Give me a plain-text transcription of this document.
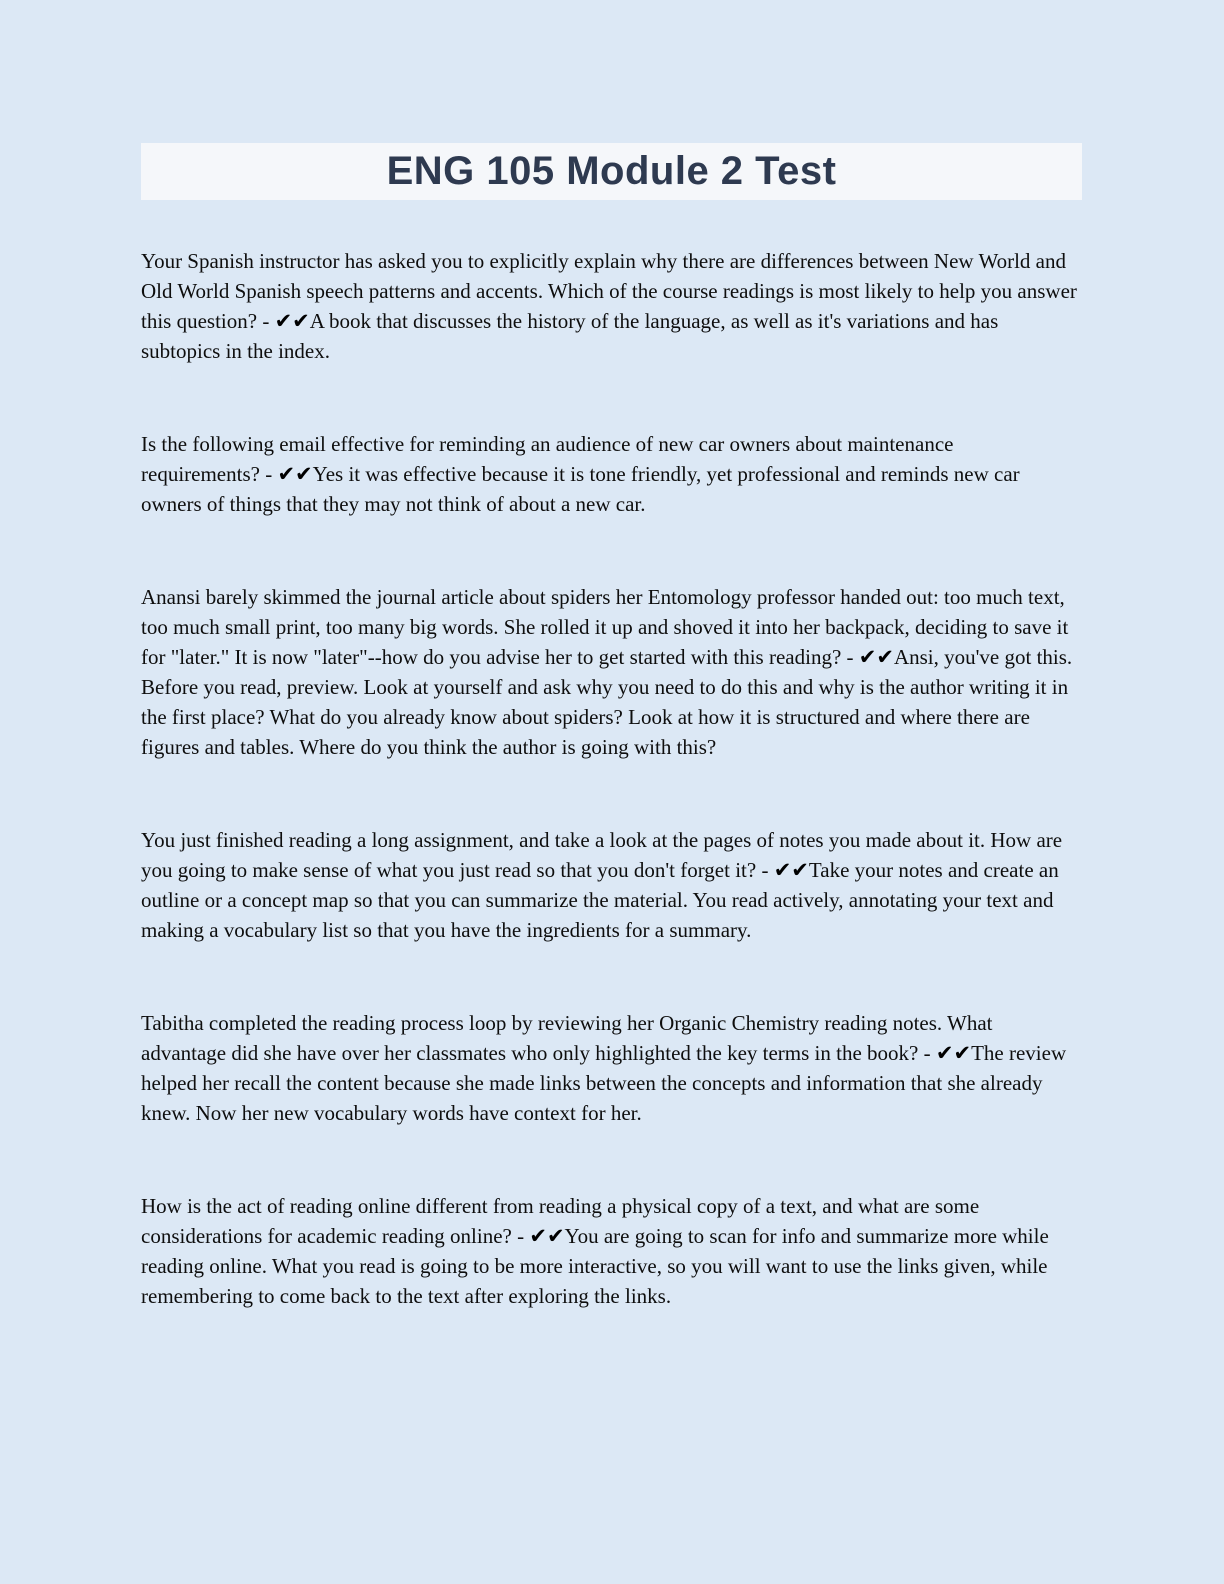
ENG 105 Module 2 Test

Your Spanish instructor has asked you to explicitly explain why there are differences between New World and Old World Spanish speech patterns and accents. Which of the course readings is most likely to help you answer this question? - ✔✔A book that discusses the history of the language, as well as it's variations and has subtopics in the index.

Is the following email effective for reminding an audience of new car owners about maintenance requirements? - ✔✔Yes it was effective because it is tone friendly, yet professional and reminds new car owners of things that they may not think of about a new car.

Anansi barely skimmed the journal article about spiders her Entomology professor handed out: too much text, too much small print, too many big words. She rolled it up and shoved it into her backpack, deciding to save it for "later." It is now "later"--how do you advise her to get started with this reading? - ✔✔Ansi, you've got this. Before you read, preview. Look at yourself and ask why you need to do this and why is the author writing it in the first place? What do you already know about spiders? Look at how it is structured and where there are figures and tables. Where do you think the author is going with this?

You just finished reading a long assignment, and take a look at the pages of notes you made about it. How are you going to make sense of what you just read so that you don't forget it? - ✔✔Take your notes and create an outline or a concept map so that you can summarize the material. You read actively, annotating your text and making a vocabulary list so that you have the ingredients for a summary.

Tabitha completed the reading process loop by reviewing her Organic Chemistry reading notes. What advantage did she have over her classmates who only highlighted the key terms in the book? - ✔✔The review helped her recall the content because she made links between the concepts and information that she already knew. Now her new vocabulary words have context for her.

How is the act of reading online different from reading a physical copy of a text, and what are some considerations for academic reading online? - ✔✔You are going to scan for info and summarize more while reading online. What you read is going to be more interactive, so you will want to use the links given, while remembering to come back to the text after exploring the links.
